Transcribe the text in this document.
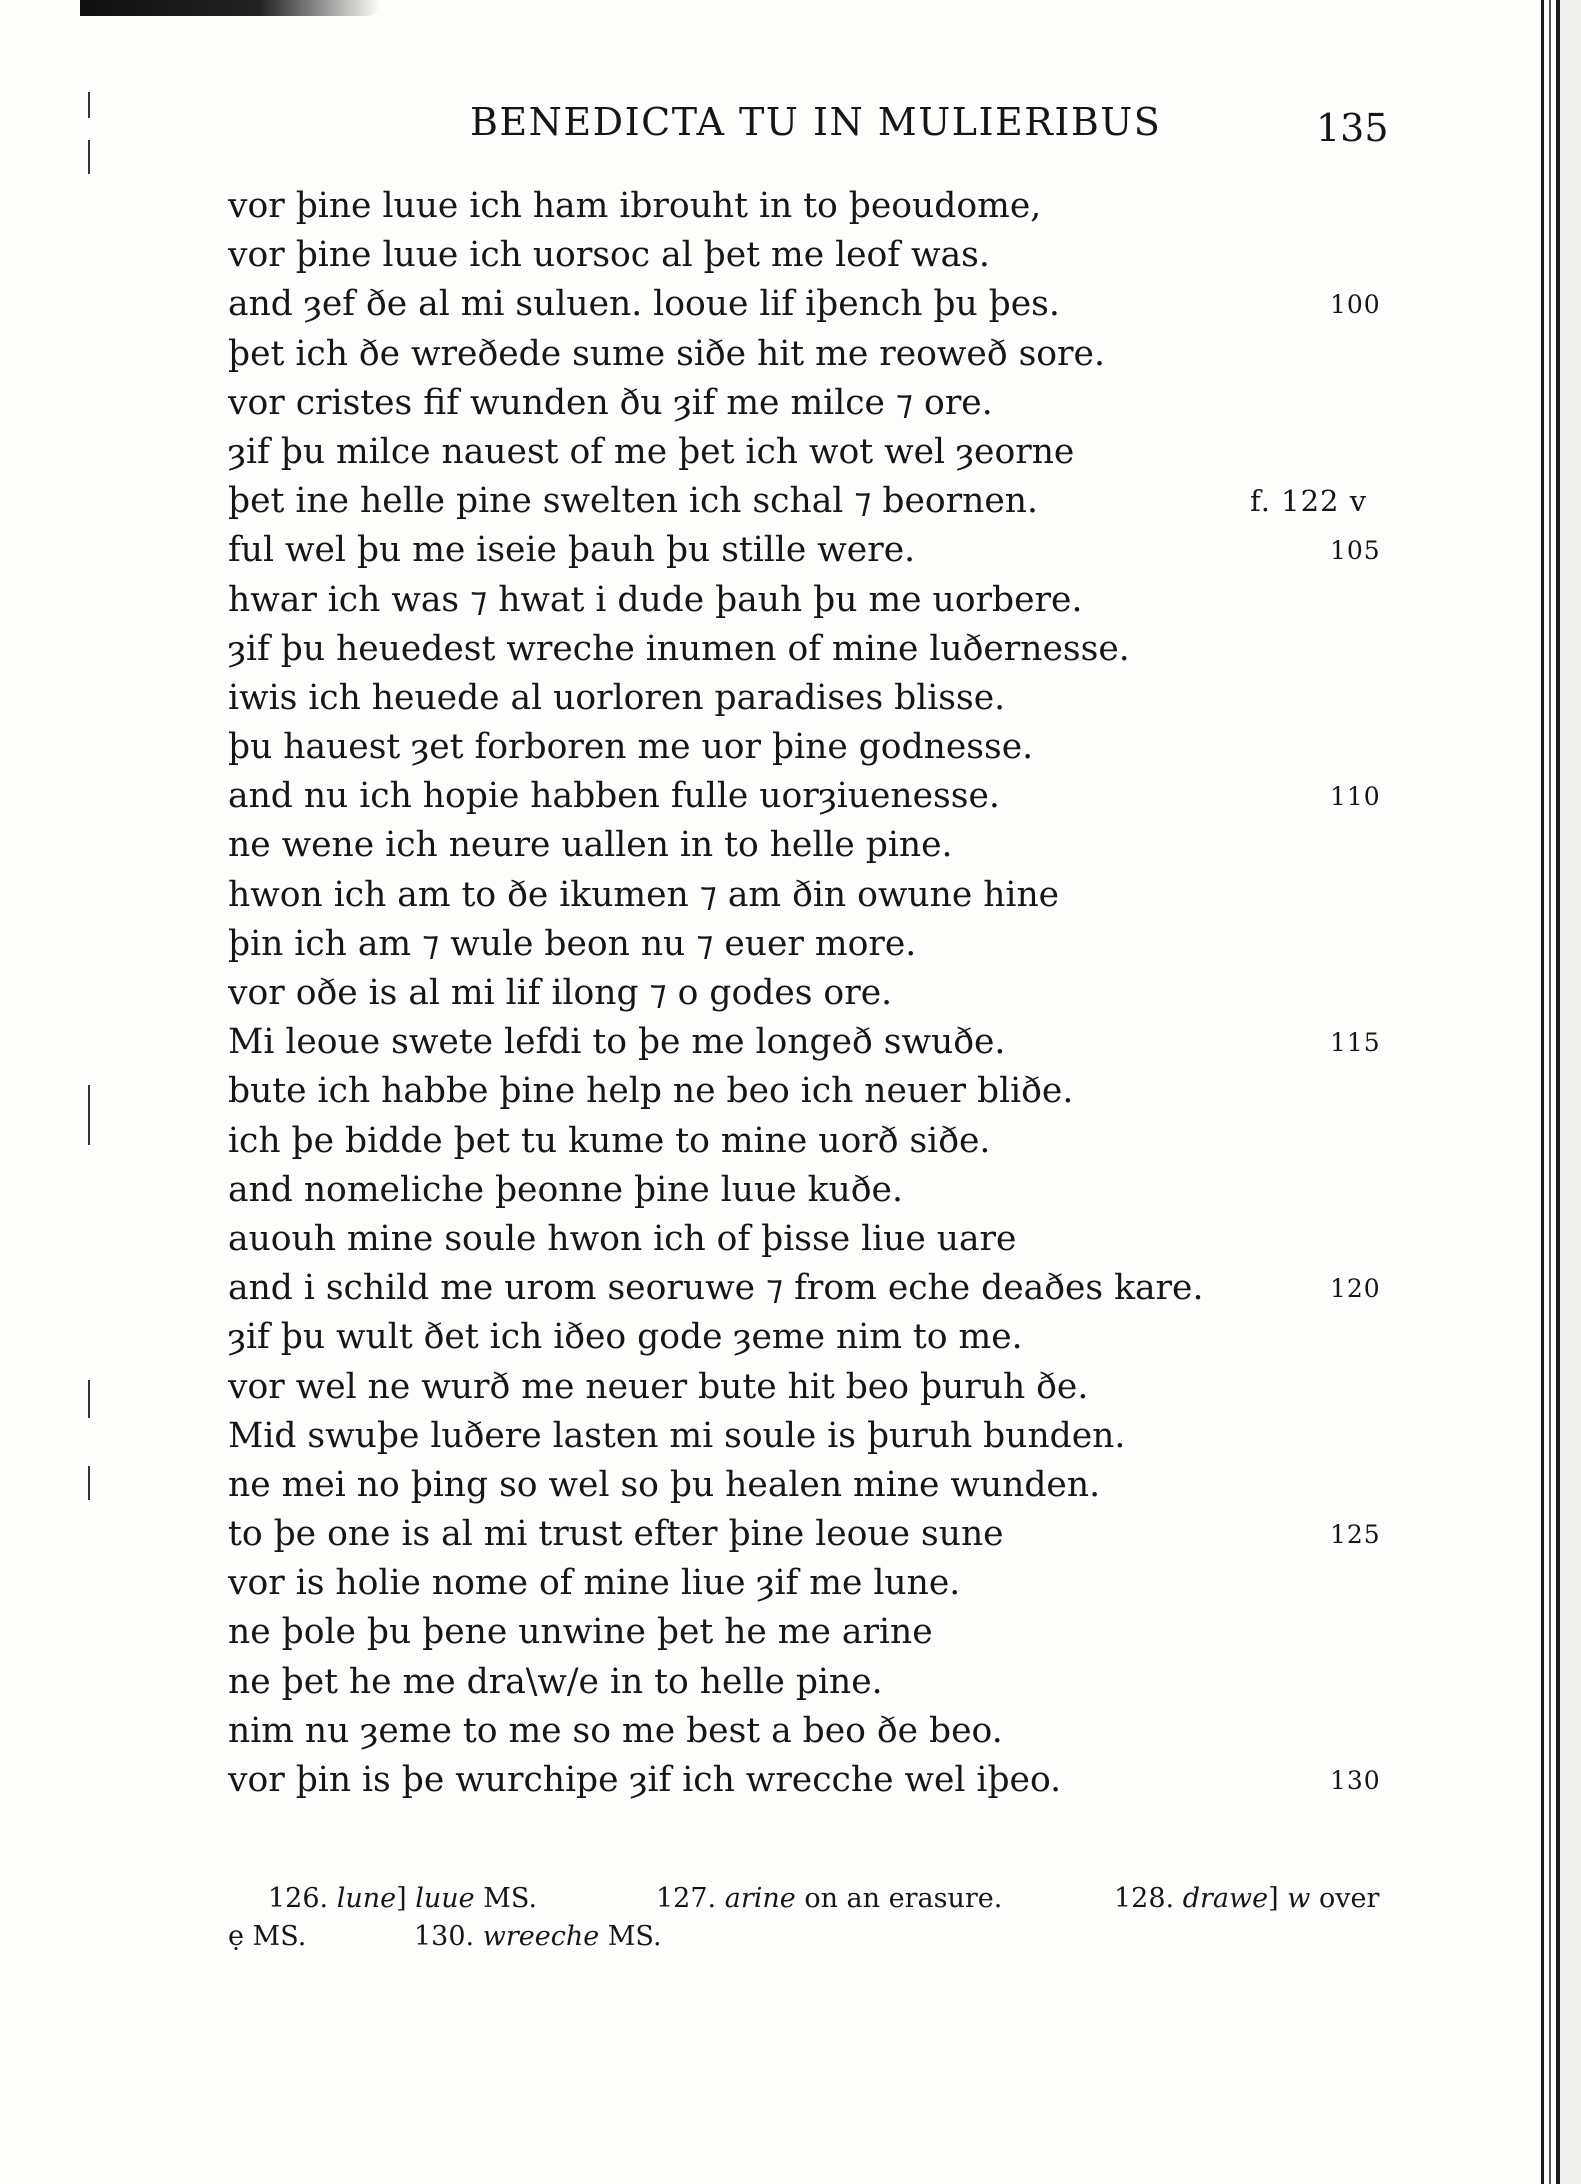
BENEDICTA TU IN MULIERIBUS	135
vor þine luue ich ham ibrouht in to þeoudome,
vor þine luue ich uorsoc al þet me leof was.
and ȝef ðe al mi suluen. looue lif iþench þu þes.	100
þet ich ðe wreðede sume siðe hit me reoweð sore.
vor cristes fif wunden ðu ȝif me milce ⁊ ore.
ȝif þu milce nauest of me þet ich wot wel ȝeorne
þet ine helle pine swelten ich schal ⁊ beornen.	f. 122 v
ful wel þu me iseie þauh þu stille were.	105
hwar ich was ⁊ hwat i dude þauh þu me uorbere.
ȝif þu heuedest wreche inumen of mine luðernesse.
iwis ich heuede al uorloren paradises blisse.
þu hauest ȝet forboren me uor þine godnesse.
and nu ich hopie habben fulle uorȝiuenesse.	110
ne wene ich neure uallen in to helle pine.
hwon ich am to ðe ikumen ⁊ am ðin owune hine
þin ich am ⁊ wule beon nu ⁊ euer more.
vor oðe is al mi lif ilong ⁊ o godes ore.
Mi leoue swete lefdi to þe me longeð swuðe.	115
bute ich habbe þine help ne beo ich neuer bliðe.
ich þe bidde þet tu kume to mine uorð siðe.
and nomeliche þeonne þine luue kuðe.
auouh mine soule hwon ich of þisse liue uare
and i schild me urom seoruwe ⁊ from eche deaðes kare.	120
ȝif þu wult ðet ich iðeo gode ȝeme nim to me.
vor wel ne wurð me neuer bute hit beo þuruh ðe.
Mid swuþe luðere lasten mi soule is þuruh bunden.
ne mei no þing so wel so þu healen mine wunden.
to þe one is al mi trust efter þine leoue sune	125
vor is holie nome of mine liue ȝif me lune.
ne þole þu þene unwine þet he me arine
ne þet he me dra\w/e in to helle pine.
nim nu ȝeme to me so me best a beo ðe beo.
vor þin is þe wurchipe ȝif ich wrecche wel iþeo.	130
126. lune] luue MS.	127. arine on an erasure.	128. drawe] w over
ẹ MS.	130. wreeche MS.
